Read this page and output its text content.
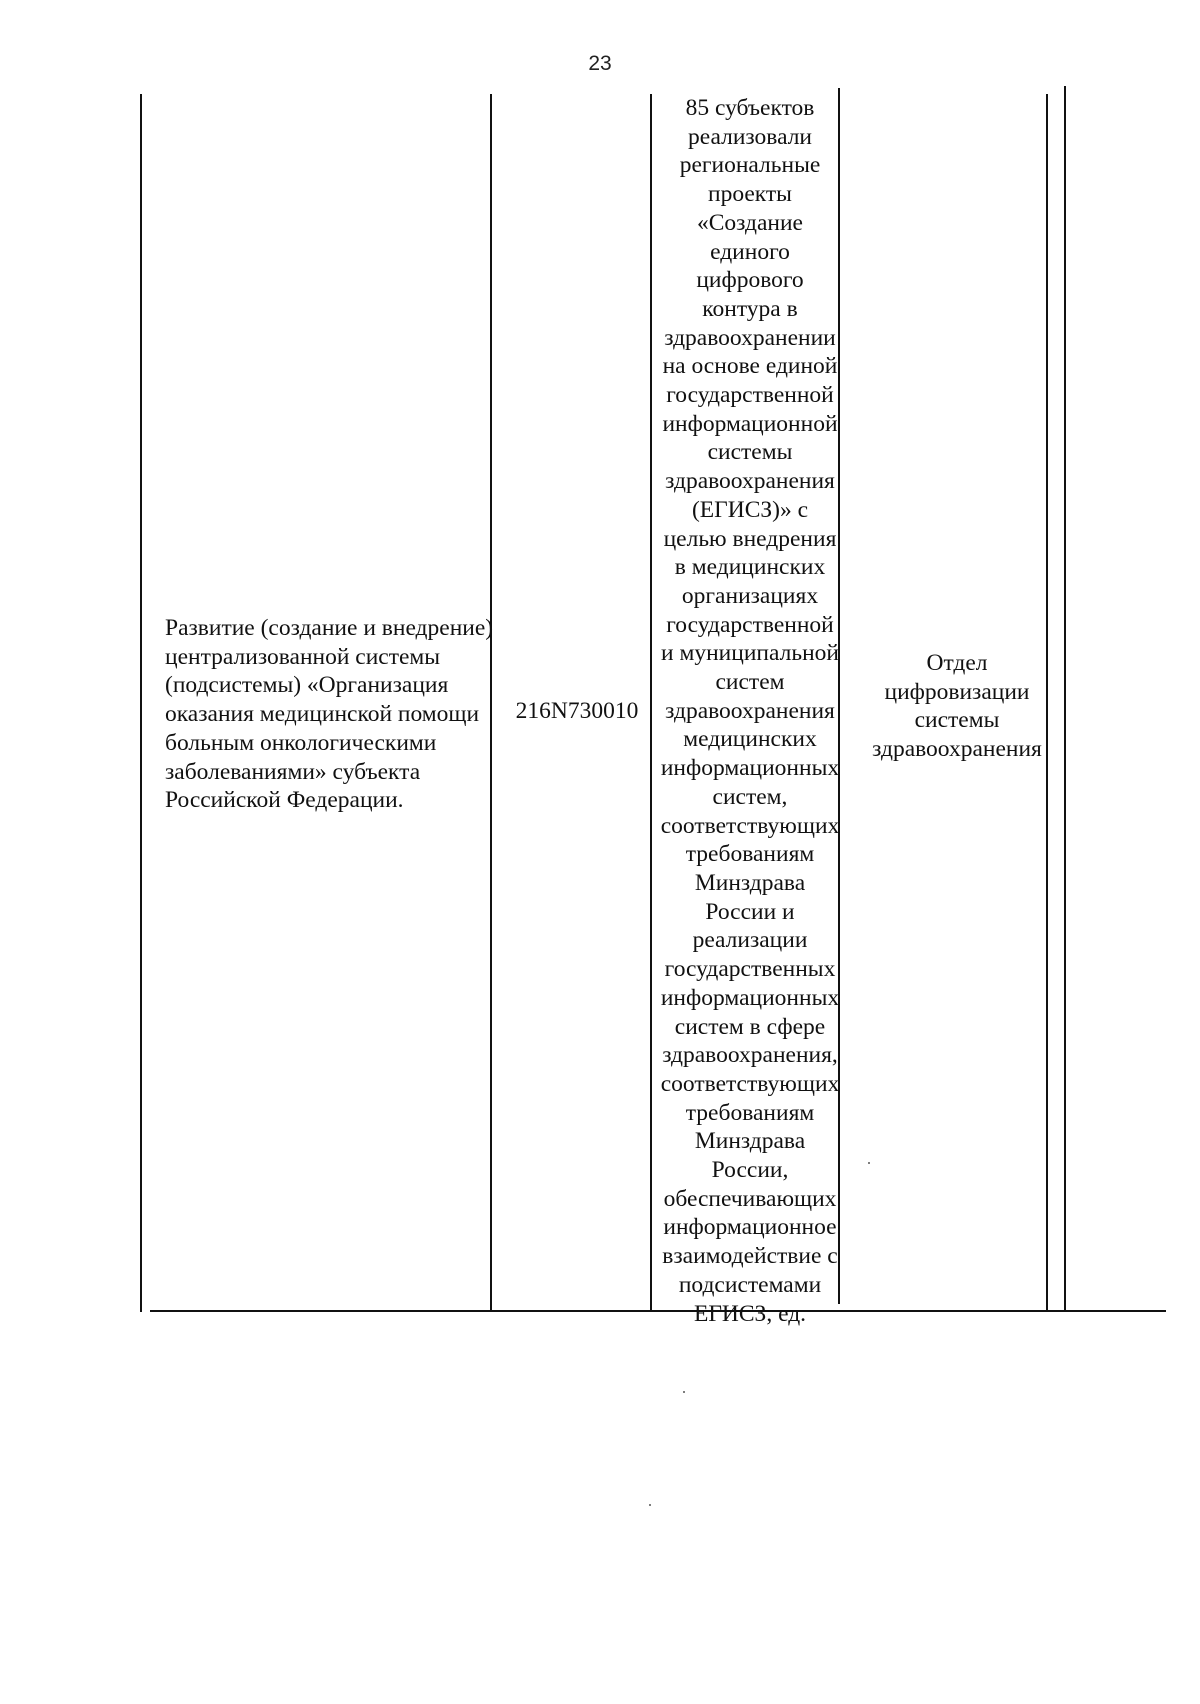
23
Развитие (создание и внедрение)
централизованной системы
(подсистемы) «Организация
оказания медицинской помощи
больным онкологическими
заболеваниями» субъекта
Российской Федерации.
216N730010
85 субъектов
реализовали
региональные
проекты
«Создание
единого
цифрового
контура в
здравоохранении
на основе единой
государственной
информационной
системы
здравоохранения
(ЕГИСЗ)» с
целью внедрения
в медицинских
организациях
государственной
и муниципальной
систем
здравоохранения
медицинских
информационных
систем,
соответствующих
требованиям
Минздрава
России и
реализации
государственных
информационных
систем в сфере
здравоохранения,
соответствующих
требованиям
Минздрава
России,
обеспечивающих
информационное
взаимодействие с
подсистемами
ЕГИСЗ, ед.
Отдел
цифровизации
системы
здравоохранения
